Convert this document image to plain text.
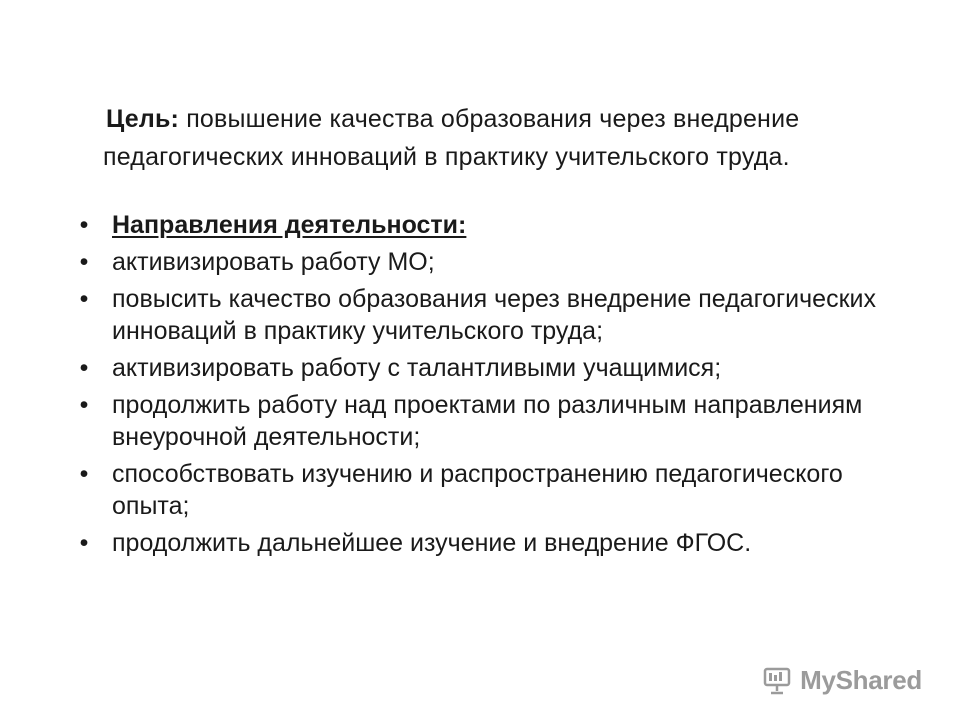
Цель: повышение качества образования через внедрение
педагогических инноваций в практику учительского труда.
• Направления деятельности:
• активизировать работу МО;
• повысить качество образования через внедрение педагогических инноваций в практику учительского труда;
• активизировать работу с талантливыми учащимися;
• продолжить работу над проектами по различным направлениям внеурочной деятельности;
• способствовать изучению и распространению педагогического опыта;
• продолжить дальнейшее изучение и внедрение ФГОС.
MyShared
